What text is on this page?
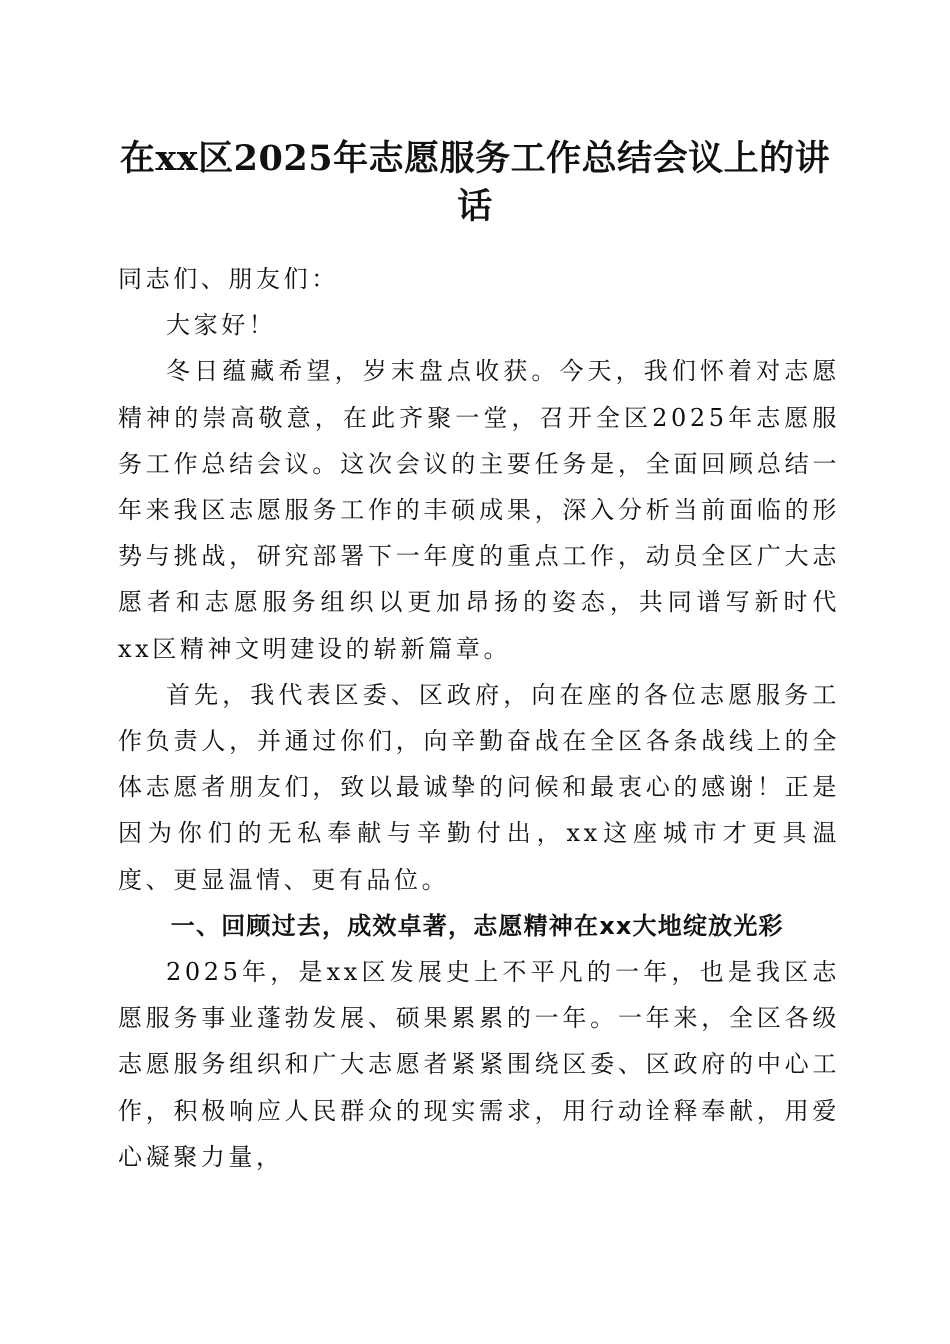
在xx区2025年志愿服务工作总结会议上的讲话

同志们、朋友们：

大家好！

冬日蕴藏希望，岁末盘点收获。今天，我们怀着对志愿精神的崇高敬意，在此齐聚一堂，召开全区2025年志愿服务工作总结会议。这次会议的主要任务是，全面回顾总结一年来我区志愿服务工作的丰硕成果，深入分析当前面临的形势与挑战，研究部署下一年度的重点工作，动员全区广大志愿者和志愿服务组织以更加昂扬的姿态，共同谱写新时代xx区精神文明建设的崭新篇章。

首先，我代表区委、区政府，向在座的各位志愿服务工作负责人，并通过你们，向辛勤奋战在全区各条战线上的全体志愿者朋友们，致以最诚挚的问候和最衷心的感谢！正是因为你们的无私奉献与辛勤付出，xx这座城市才更具温度、更显温情、更有品位。

一、回顾过去，成效卓著，志愿精神在xx大地绽放光彩

2025年，是xx区发展史上不平凡的一年，也是我区志愿服务事业蓬勃发展、硕果累累的一年。一年来，全区各级志愿服务组织和广大志愿者紧紧围绕区委、区政府的中心工作，积极响应人民群众的现实需求，用行动诠释奉献，用爱心凝聚力量，
